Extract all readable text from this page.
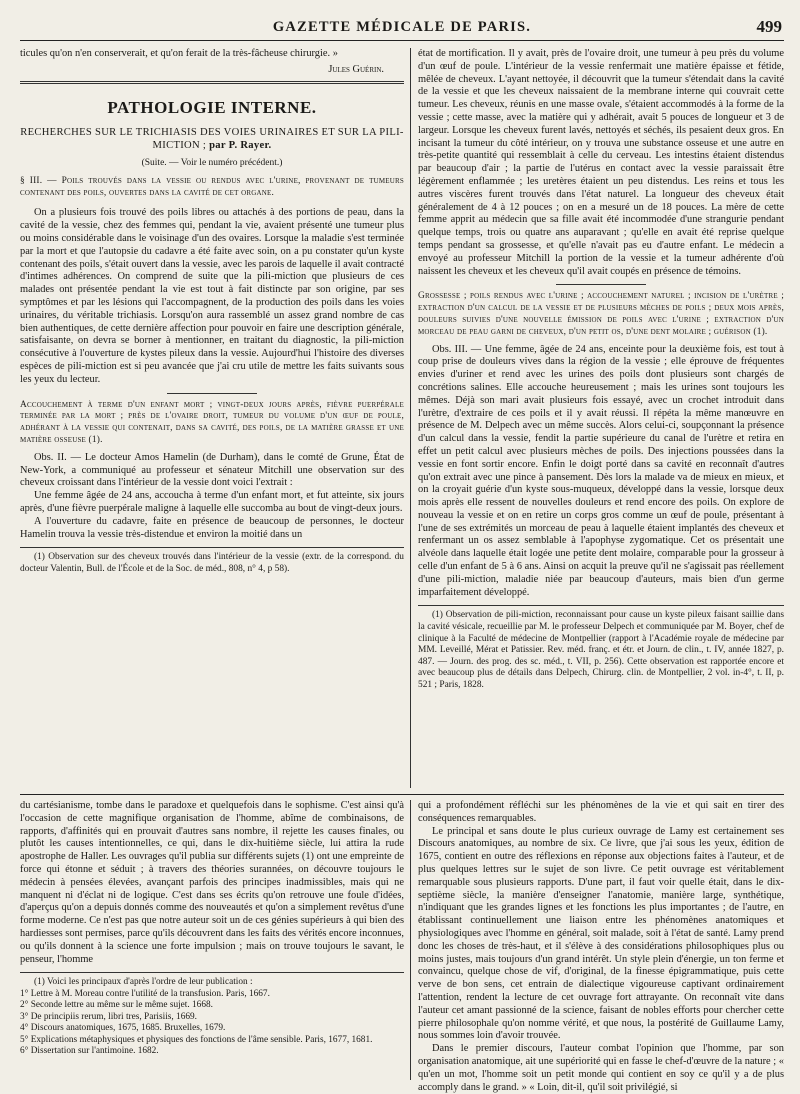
GAZETTE MÉDICALE DE PARIS.	499

ticules qu'on n'en conserverait, et qu'on ferait de la très-fâcheuse chirurgie. »

Jules Guérin.
PATHOLOGIE INTERNE.
RECHERCHES SUR LE TRICHIASIS DES VOIES URINAIRES ET SUR LA PILI-MICTION ; par P. Rayer.
(Suite. — Voir le numéro précédent.)

§ III. — Poils trouvés dans la vessie ou rendus avec l'urine, provenant de tumeurs contenant des poils, ouvertes dans la cavité de cet organe.

On a plusieurs fois trouvé des poils libres ou attachés à des portions de peau, dans la cavité de la vessie, chez des femmes qui, pendant la vie, avaient présenté une tumeur plus ou moins considérable dans le voisinage d'un des ovaires. Lorsque la maladie s'est terminée par la mort et que l'autopsie du cadavre a été faite avec soin, on a pu constater qu'un kyste contenant des poils, s'était ouvert dans la vessie, avec les parois de laquelle il avait contracté d'intimes adhérences. On comprend de suite que la pili-miction que plusieurs de ces malades ont présentée pendant la vie est tout à fait distincte par son origine, par ses symptômes et par les lésions qui l'accompagnent, de la production des poils dans les voies urinaires, du véritable trichiasis. Lorsqu'on aura rassemblé un assez grand nombre de cas bien authentiques, de cette dernière affection pour pouvoir en faire une description générale, satisfaisante, on devra se borner à mentionner, en traitant du diagnostic, la pili-miction consécutive à l'ouverture de kystes pileux dans la vessie. Aujourd'hui l'histoire des diverses espèces de pili-miction est si peu avancée que j'ai cru utile de mettre les faits suivants sous les yeux du lecteur.

Accouchement à terme d'un enfant mort ; vingt-deux jours après, fièvre puerpérale terminée par la mort ; près de l'ovaire droit, tumeur du volume d'un œuf de poule, adhérant à la vessie qui contenait, dans sa cavité, des poils, de la matière grasse et une matière osseuse (1).

Obs. II. — Le docteur Amos Hamelin (de Durham), dans le comté de Grune, État de New-York, a communiqué au professeur et sénateur Mitchill une observation sur des cheveux croissant dans l'intérieur de la vessie dont voici l'extrait :

Une femme âgée de 24 ans, accoucha à terme d'un enfant mort, et fut atteinte, six jours après, d'une fièvre puerpérale maligne à laquelle elle succomba au bout de vingt-deux jours.

A l'ouverture du cadavre, faite en présence de beaucoup de personnes, le docteur Hamelin trouva la vessie très-distendue et environ la moitié dans un

(1) Observation sur des cheveux trouvés dans l'intérieur de la vessie (extr. de la correspond. du docteur Valentin, Bull. de l'École et de la Soc. de méd., 808, n° 4, p 58).

état de mortification. Il y avait, près de l'ovaire droit, une tumeur à peu près du volume d'un œuf de poule. L'intérieur de la vessie renfermait une matière épaisse et fétide, mêlée de cheveux. L'ayant nettoyée, il découvrit que la tumeur s'étendait dans la cavité de la vessie et que les cheveux naissaient de la membrane interne qui couvrait cette tumeur. Les cheveux, réunis en une masse ovale, s'étaient accommodés à la forme de la vessie ; cette masse, avec la matière qui y adhérait, avait 5 pouces de longueur et 3 de largeur. Lorsque les cheveux furent lavés, nettoyés et séchés, ils pesaient deux gros. En incisant la tumeur du côté intérieur, on y trouva une substance osseuse et une autre en très-petite quantité qui ressemblait à celle du cerveau. Les intestins étaient distendus par beaucoup d'air ; la partie de l'utérus en contact avec la vessie paraissait être légèrement enflammée ; les uretères étaient un peu distendus. Les reins et tous les autres viscères furent trouvés dans l'état naturel. La longueur des cheveux était généralement de 4 à 12 pouces ; on en a mesuré un de 18 pouces. La mère de cette femme apprit au médecin que sa fille avait été incommodée d'une strangurie pendant quelque temps, trois ou quatre ans auparavant ; qu'elle en avait été reprise quelque temps pendant sa grossesse, et qu'elle n'avait pas eu d'autre enfant. Le médecin a envoyé au professeur Mitchill la portion de la vessie et la tumeur adhérente d'où naissent les cheveux et les cheveux qu'il avait coupés en présence de témoins.

Grossesse ; poils rendus avec l'urine ; accouchement naturel ; incision de l'urètre ; extraction d'un calcul de la vessie et de plusieurs mèches de poils ; deux mois après, douleurs suivies d'une nouvelle émission de poils avec l'urine ; extraction d'un morceau de peau garni de cheveux, d'un petit os, d'une dent molaire ; guérison (1).

Obs. III. — Une femme, âgée de 24 ans, enceinte pour la deuxième fois, est tout à coup prise de douleurs vives dans la région de la vessie ; elle éprouve de fréquentes envies d'uriner et rend avec les urines des poils dont plusieurs sont chargés de concrétions salines. Elle accouche heureusement ; mais les urines sont toujours les mêmes. Déjà son mari avait plusieurs fois essayé, avec un crochet introduit dans l'urètre, d'extraire de ces poils et il y avait réussi. Il répéta la même manœuvre en présence de M. Delpech avec un même succès. Alors celui-ci, soupçonnant la présence d'un calcul dans la vessie, fendit la partie supérieure du canal de l'urètre et retira en effet un petit calcul avec plusieurs mèches de poils. Des injections poussées dans la vessie en font sortir encore. Enfin le doigt porté dans sa cavité en reconnaît d'autres qu'on extrait avec une pince à pansement. Dès lors la malade va de mieux en mieux, et on la croyait guérie d'un kyste sous-muqueux, développé dans la vessie, lorsque deux mois après elle ressent de nouvelles douleurs et rend encore des poils. On explore de nouveau la vessie et on en retire un corps gros comme un œuf de poule, présentant à l'une de ses extrémités un morceau de peau à laquelle étaient implantés des cheveux et renfermant un os assez semblable à l'apophyse zygomatique. Cet os présentait une alvéole dans laquelle était logée une petite dent molaire, comparable pour la grosseur à celle d'un enfant de 5 à 6 ans. Ainsi on acquit la preuve qu'il ne s'agissait pas réellement d'une pili-miction, maladie niée par beaucoup d'auteurs, mais bien d'un germe imparfaitement développé.

(1) Observation de pili-miction, reconnaissant pour cause un kyste pileux faisant saillie dans la cavité vésicale, recueillie par M. le professeur Delpech et communiquée par M. Boyer, chef de clinique à la Faculté de médecine de Montpellier (rapport à l'Académie royale de médecine par MM. Leveillé, Mérat et Patissier. Rev. méd. franç. et étr. et Journ. de clin., t. IV, année 1827, p. 487. — Journ. des prog. des sc. méd., t. VII, p. 256). Cette observation est rapportée encore et avec beaucoup plus de détails dans Delpech, Chirurg. clin. de Montpellier, 2 vol. in-4°, t. II, p. 521 ; Paris, 1828.

du cartésianisme, tombe dans le paradoxe et quelquefois dans le sophisme. C'est ainsi qu'à l'occasion de cette magnifique organisation de l'homme, abîme de combinaisons, de rapports, d'affinités qui en prouvait d'autres sans nombre, il rejette les causes finales, ou plutôt les causes intentionnelles, ce qui, dans le dix-huitième siècle, lui attira la rude apostrophe de Haller. Les ouvrages qu'il publia sur différents sujets (1) ont une empreinte de force qui étonne et séduit ; à travers des théories surannées, on découvre toujours le médecin à pensées élevées, avançant parfois des principes inadmissibles, mais qui ne manquent ni d'éclat ni de logique. C'est dans ses écrits qu'on retrouve une foule d'idées, d'aperçus qu'on a depuis donnés comme des nouveautés et qu'on a simplement revêtus d'une forme moderne. Ce n'est pas que notre auteur soit un de ces génies supérieurs à qui bien des hardiesses sont permises, parce qu'ils découvrent dans les faits des vérités encore inconnues, ou qu'ils donnent à la science une forte impulsion ; mais on trouve toujours le savant, le penseur, l'homme

(1) Voici les principaux d'après l'ordre de leur publication :

1° Lettre à M. Moreau contre l'utilité de la transfusion. Paris, 1667.
2° Seconde lettre au même sur le même sujet. 1668.
3° De principiis rerum, libri tres, Parisiis, 1669.
4° Discours anatomiques, 1675, 1685. Bruxelles, 1679.
5° Explications métaphysiques et physiques des fonctions de l'âme sensible. Paris, 1677, 1681.
6° Dissertation sur l'antimoine. 1682.

qui a profondément réfléchi sur les phénomènes de la vie et qui sait en tirer des conséquences remarquables.

Le principal et sans doute le plus curieux ouvrage de Lamy est certainement ses Discours anatomiques, au nombre de six. Ce livre, que j'ai sous les yeux, édition de 1675, contient en outre des réflexions en réponse aux objections faites à l'auteur, et de plus quelques lettres sur le sujet de son livre. Ce petit ouvrage est véritablement remarquable sous plusieurs rapports. D'une part, il faut voir quelle était, dans le dix-septième siècle, la manière d'enseigner l'anatomie, manière large, synthétique, n'indiquant que les grandes lignes et les fonctions les plus importantes ; de l'autre, en établissant continuellement une liaison entre les phénomènes anatomiques et physiologiques avec l'homme en général, soit malade, soit à l'état de santé. Lamy prend donc les choses de très-haut, et il s'élève à des considérations philosophiques plus ou moins justes, mais toujours d'un grand intérêt. Un style plein d'énergie, un ton ferme et convaincu, quelque chose de vif, d'original, de la finesse épigrammatique, puis cette verve de bon sens, cet entrain de dialectique vigoureuse captivant ordinairement l'attention, rendent la lecture de cet ouvrage fort attrayante. On reconnaît vite dans l'auteur cet amant passionné de la science, faisant de nobles efforts pour chercher cette pierre philosophale qu'on nomme vérité, et que nous, la postérité de Guillaume Lamy, nous sommes loin d'avoir trouvée.

Dans le premier discours, l'auteur combat l'opinion que l'homme, par son organisation anatomique, ait une supériorité qui en fasse le chef-d'œuvre de la nature ; « qu'en un mot, l'homme soit un petit monde qui contient en soy ce qu'il y a de plus accomply dans le grand. » « Loin, dit-il, qu'il soit privilégié, si
